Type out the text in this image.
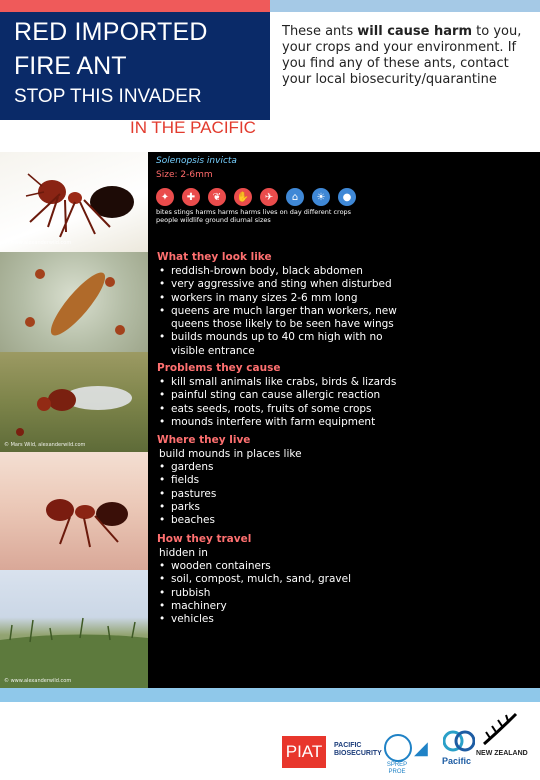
RED IMPORTED
FIRE ANT
STOP THIS INVADER
IN THE PACIFIC
These ants will cause harm to you, your crops and your environment. If you find any of these ants, contact your local biosecurity/quarantine
© www.alexanderwild.com
© Mars Wild, alexanderwild.com
© www.alexanderwild.com
Solenopsis invicta
Size: 2-6mm
✦	✚	❦	✋	✈	⌂	☀	●
bites stings harms harms harms lives on day different crops people wildlife ground diurnal sizes
What they look like
• reddish-brown body, black abdomen
• very aggressive and sting when disturbed
• workers in many sizes 2-6 mm long
• queens are much larger than workers, new queens those likely to be seen have wings
• builds mounds up to 40 cm high with no visible entrance
Problems they cause
• kill small animals like crabs, birds & lizards
• painful sting can cause allergic reaction
• eats seeds, roots, fruits of some crops
• mounds interfere with farm equipment
Where they live
build mounds in places like
• gardens
• fields
• pastures
• parks
• beaches
How they travel
hidden in
• wooden containers
• soil, compost, mulch, sand, gravel
• rubbish
• machinery
• vehicles
PIAT	PACIFIC BIOSECURITY
SPREP PROE
◢
Pacific
NEW ZEALAND
